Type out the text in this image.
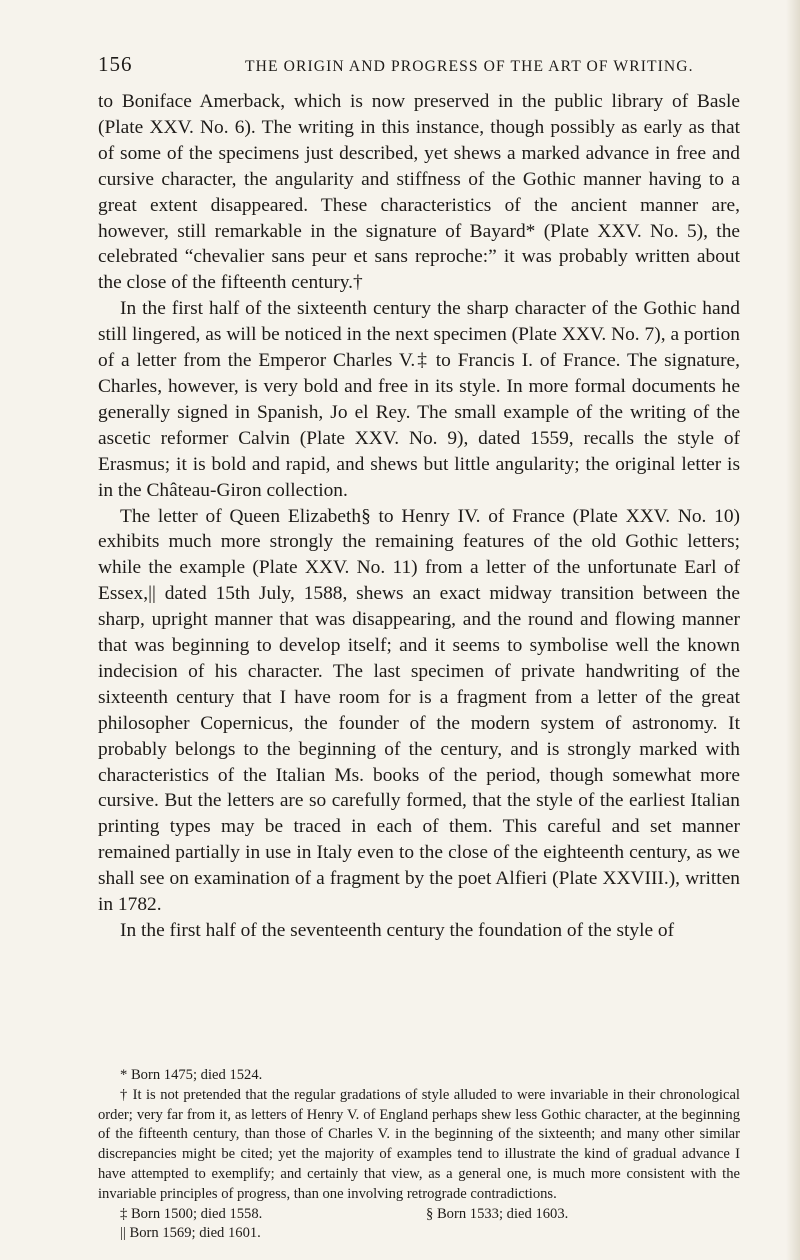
156	THE ORIGIN AND PROGRESS OF THE ART OF WRITING.

to Boniface Amerback, which is now preserved in the public library of Basle (Plate XXV. No. 6). The writing in this instance, though possibly as early as that of some of the specimens just described, yet shews a marked advance in free and cursive character, the angularity and stiffness of the Gothic manner having to a great extent disappeared. These characteristics of the ancient manner are, however, still remarkable in the signature of Bayard* (Plate XXV. No. 5), the celebrated “chevalier sans peur et sans reproche:” it was probably written about the close of the fifteenth century.†

In the first half of the sixteenth century the sharp character of the Gothic hand still lingered, as will be noticed in the next specimen (Plate XXV. No. 7), a portion of a letter from the Emperor Charles V.‡ to Francis I. of France. The signature, Charles, however, is very bold and free in its style. In more formal documents he generally signed in Spanish, Jo el Rey. The small example of the writing of the ascetic reformer Calvin (Plate XXV. No. 9), dated 1559, recalls the style of Erasmus; it is bold and rapid, and shews but little angularity; the original letter is in the Château-Giron collection.

The letter of Queen Elizabeth§ to Henry IV. of France (Plate XXV. No. 10) exhibits much more strongly the remaining features of the old Gothic letters; while the example (Plate XXV. No. 11) from a letter of the unfortunate Earl of Essex,|| dated 15th July, 1588, shews an exact midway transition between the sharp, upright manner that was disappearing, and the round and flowing manner that was beginning to develop itself; and it seems to symbolise well the known indecision of his character. The last specimen of private handwriting of the sixteenth century that I have room for is a fragment from a letter of the great philosopher Copernicus, the founder of the modern system of astronomy. It probably belongs to the beginning of the century, and is strongly marked with characteristics of the Italian Ms. books of the period, though somewhat more cursive. But the letters are so carefully formed, that the style of the earliest Italian printing types may be traced in each of them. This careful and set manner remained partially in use in Italy even to the close of the eighteenth century, as we shall see on examination of a fragment by the poet Alfieri (Plate XXVIII.), written in 1782.

In the first half of the seventeenth century the foundation of the style of

* Born 1475; died 1524.

† It is not pretended that the regular gradations of style alluded to were invariable in their chronological order; very far from it, as letters of Henry V. of England perhaps shew less Gothic character, at the beginning of the fifteenth century, than those of Charles V. in the beginning of the sixteenth; and many other similar discrepancies might be cited; yet the majority of examples tend to illustrate the kind of gradual advance I have attempted to exemplify; and certainly that view, as a general one, is much more consistent with the invariable principles of progress, than one involving retrograde contradictions.

‡ Born 1500; died 1558.	§ Born 1533; died 1603.

|| Born 1569; died 1601.
